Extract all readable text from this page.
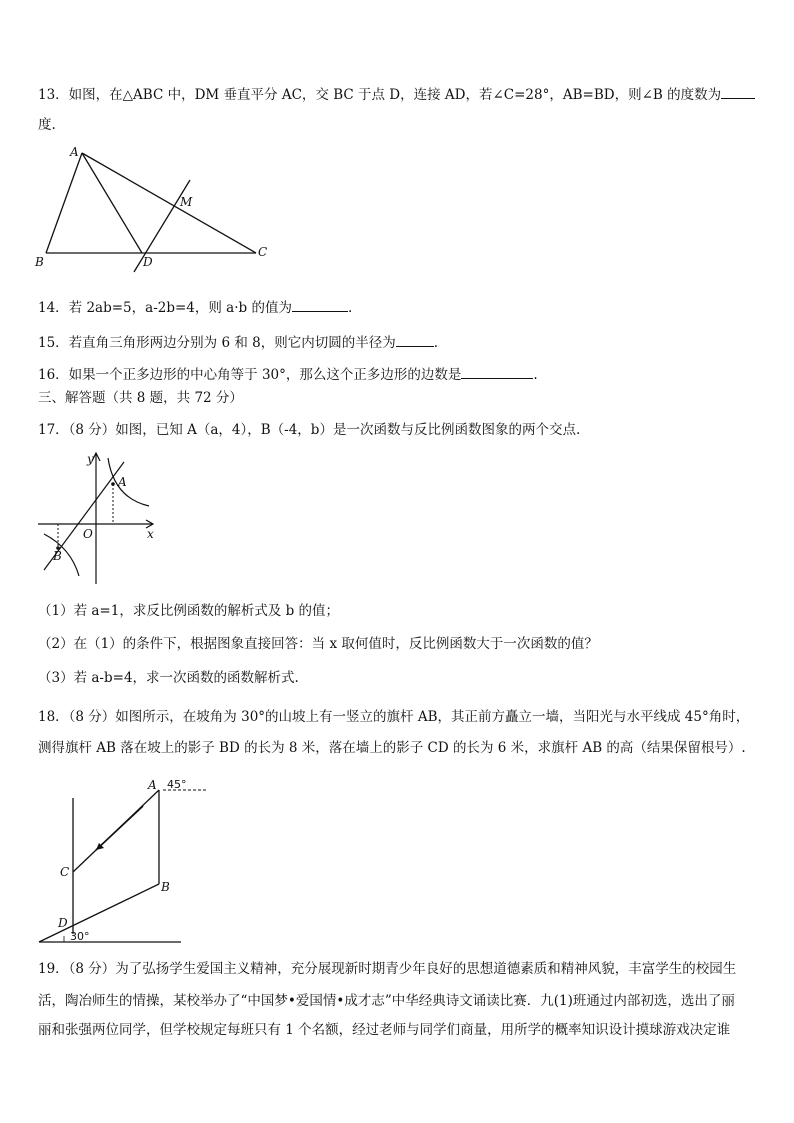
13．如图，在△ABC 中，DM 垂直平分 AC，交 BC 于点 D，连接 AD，若∠C=28°，AB=BD，则∠B 的度数为
度.
A
B
C
D
M
14．若 2ab=5，a-2b=4，则 a·b 的值为	.
15．若直角三角形两边分别为 6 和 8，则它内切圆的半径为	.
16．如果一个正多边形的中心角等于 30°，那么这个正多边形的边数是	.
三、解答题（共 8 题，共 72 分）
17．（8 分）如图，已知 A（a，4），B（-4，b）是一次函数与反比例函数图象的两个交点.
y
x
O
A
B
（1）若 a=1，求反比例函数的解析式及 b 的值；
（2）在（1）的条件下，根据图象直接回答：当 x 取何值时，反比例函数大于一次函数的值？
（3）若 a-b=4，求一次函数的函数解析式.
18．（8 分）如图所示，在坡角为 30°的山坡上有一竖立的旗杆 AB，其正前方矗立一墙，当阳光与水平线成 45°角时，
测得旗杆 AB 落在坡上的影子 BD 的长为 8 米，落在墙上的影子 CD 的长为 6 米，求旗杆 AB 的高（结果保留根号）.
A
B
C
D
45°
30°
19．（8 分）为了弘扬学生爱国主义精神，充分展现新时期青少年良好的思想道德素质和精神风貌，丰富学生的校园生
活，陶冶师生的情操，某校举办了“中国梦•爱国情•成才志”中华经典诗文诵读比赛．九(1)班通过内部初选，选出了丽
丽和张强两位同学，但学校规定每班只有 1 个名额，经过老师与同学们商量，用所学的概率知识设计摸球游戏决定谁
